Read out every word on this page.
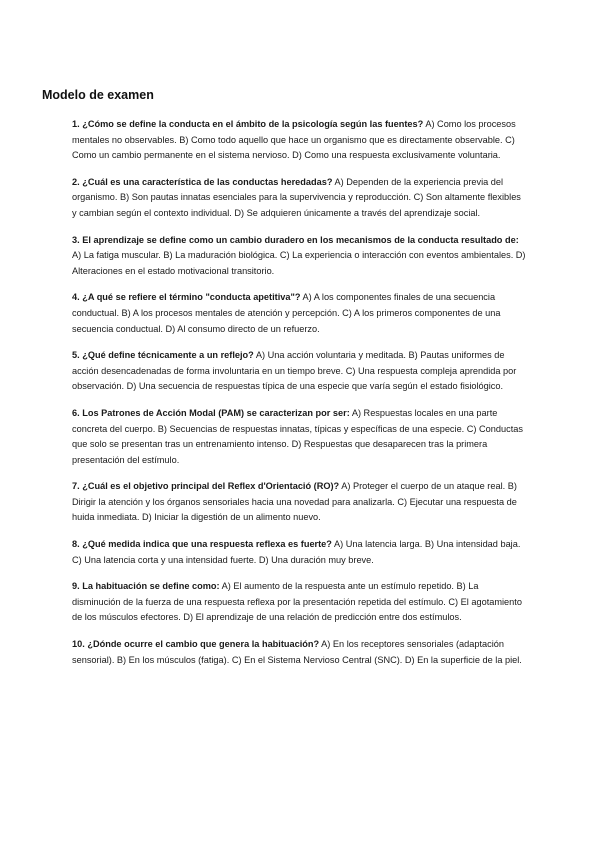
Modelo de examen

1. ¿Cómo se define la conducta en el ámbito de la psicología según las fuentes? A) Como los procesos mentales no observables. B) Como todo aquello que hace un organismo que es directamente observable. C) Como un cambio permanente en el sistema nervioso. D) Como una respuesta exclusivamente voluntaria.

2. ¿Cuál es una característica de las conductas heredadas? A) Dependen de la experiencia previa del organismo. B) Son pautas innatas esenciales para la supervivencia y reproducción. C) Son altamente flexibles y cambian según el contexto individual. D) Se adquieren únicamente a través del aprendizaje social.

3. El aprendizaje se define como un cambio duradero en los mecanismos de la conducta resultado de: A) La fatiga muscular. B) La maduración biológica. C) La experiencia o interacción con eventos ambientales. D) Alteraciones en el estado motivacional transitorio.

4. ¿A qué se refiere el término "conducta apetitiva"? A) A los componentes finales de una secuencia conductual. B) A los procesos mentales de atención y percepción. C) A los primeros componentes de una secuencia conductual. D) Al consumo directo de un refuerzo.

5. ¿Qué define técnicamente a un reflejo? A) Una acción voluntaria y meditada. B) Pautas uniformes de acción desencadenadas de forma involuntaria en un tiempo breve. C) Una respuesta compleja aprendida por observación. D) Una secuencia de respuestas típica de una especie que varía según el estado fisiológico.

6. Los Patrones de Acción Modal (PAM) se caracterizan por ser: A) Respuestas locales en una parte concreta del cuerpo. B) Secuencias de respuestas innatas, típicas y específicas de una especie. C) Conductas que solo se presentan tras un entrenamiento intenso. D) Respuestas que desaparecen tras la primera presentación del estímulo.

7. ¿Cuál es el objetivo principal del Reflex d'Orientació (RO)? A) Proteger el cuerpo de un ataque real. B) Dirigir la atención y los órganos sensoriales hacia una novedad para analizarla. C) Ejecutar una respuesta de huida inmediata. D) Iniciar la digestión de un alimento nuevo.

8. ¿Qué medida indica que una respuesta reflexa es fuerte? A) Una latencia larga. B) Una intensidad baja. C) Una latencia corta y una intensidad fuerte. D) Una duración muy breve.

9. La habituación se define como: A) El aumento de la respuesta ante un estímulo repetido. B) La disminución de la fuerza de una respuesta reflexa por la presentación repetida del estímulo. C) El agotamiento de los músculos efectores. D) El aprendizaje de una relación de predicción entre dos estímulos.

10. ¿Dónde ocurre el cambio que genera la habituación? A) En los receptores sensoriales (adaptación sensorial). B) En los músculos (fatiga). C) En el Sistema Nervioso Central (SNC). D) En la superficie de la piel.
